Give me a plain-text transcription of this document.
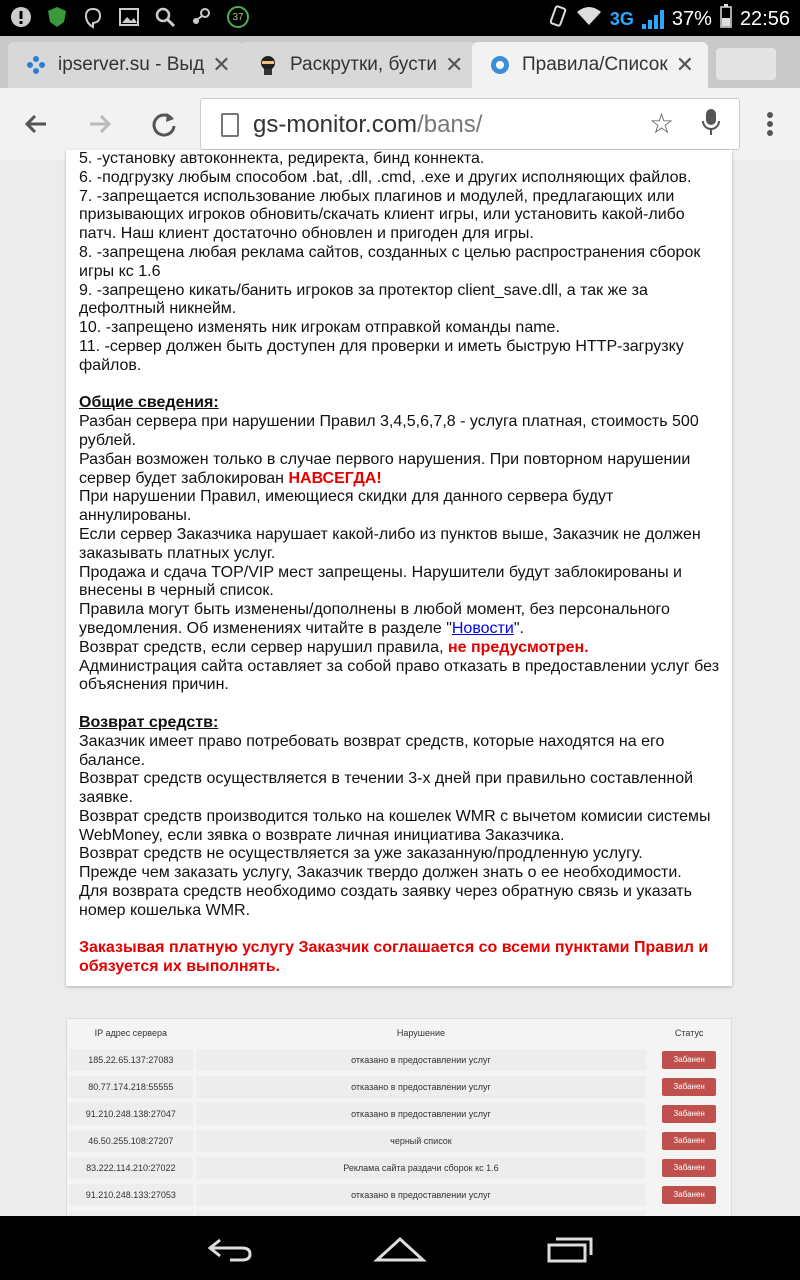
37	3G 37% 22:56
ipserver.su - Выд ✕	Раскрутки, бусти ✕	Правила/Список ✕
gs-monitor.com/bans/	☆

5. -установку автоконнекта, редиректа, бинд коннекта.

6. -подгрузку любым способом .bat, .dll, .cmd, .exe и других исполняющих файлов.

7. -запрещается использование любых плагинов и модулей, предлагающих или призывающих игроков обновить/скачать клиент игры, или установить какой-либо патч. Наш клиент достаточно обновлен и пригоден для игры.

8. -запрещена любая реклама сайтов, созданных с целью распространения сборок игры кс 1.6

9. -запрещено кикать/банить игроков за протектор client_save.dll, а так же за дефолтный никнейм.

10. -запрещено изменять ник игрокам отправкой команды name.

11. -сервер должен быть доступен для проверки и иметь быструю HTTP-загрузку файлов.

Общие сведения:

Разбан сервера при нарушении Правил 3,4,5,6,7,8 - услуга платная, стоимость 500 рублей.

Разбан возможен только в случае первого нарушения. При повторном нарушении сервер будет заблокирован НАВСЕГДА!

При нарушении Правил, имеющиеся скидки для данного сервера будут аннулированы.

Если сервер Заказчика нарушает какой-либо из пунктов выше, Заказчик не должен заказывать платных услуг.

Продажа и сдача TOP/VIP мест запрещены. Нарушители будут заблокированы и внесены в черный список.

Правила могут быть изменены/дополнены в любой момент, без персонального уведомления. Об изменениях читайте в разделе "Новости".

Возврат средств, если сервер нарушил правила, не предусмотрен.

Администрация сайта оставляет за собой право отказать в предоставлении услуг без объяснения причин.

Возврат средств:

Заказчик имеет право потребовать возврат средств, которые находятся на его балансе.

Возврат средств осуществляется в течении 3-х дней при правильно составленной заявке.

Возврат средств производится только на кошелек WMR с вычетом комисии системы WebMoney, если зявка о возврате личная инициатива Заказчика.

Возврат средств не осуществляется за уже заказанную/продленную услугу.

Прежде чем заказать услугу, Заказчик твердо должен знать о ее необходимости.

Для возврата средств необходимо создать заявку через обратную связь и указать номер кошелька WMR.

Заказывая платную услугу Заказчик соглашается со всеми пунктами Правил и обязуется их выполнять.

IP адрес сервера	Нарушение	Статус
185.22.65.137:27083	отказано в предоставлении услуг	Забанен
80.77.174.218:55555	отказано в предоставлении услуг	Забанен
91.210.248.138:27047	отказано в предоставлении услуг	Забанен
46.50.255.108:27207	черный список	Забанен
83.222.114.210:27022	Реклама сайта раздачи сборок кс 1.6	Забанен
91.210.248.133:27053	отказано в предоставлении услуг	Забанен
